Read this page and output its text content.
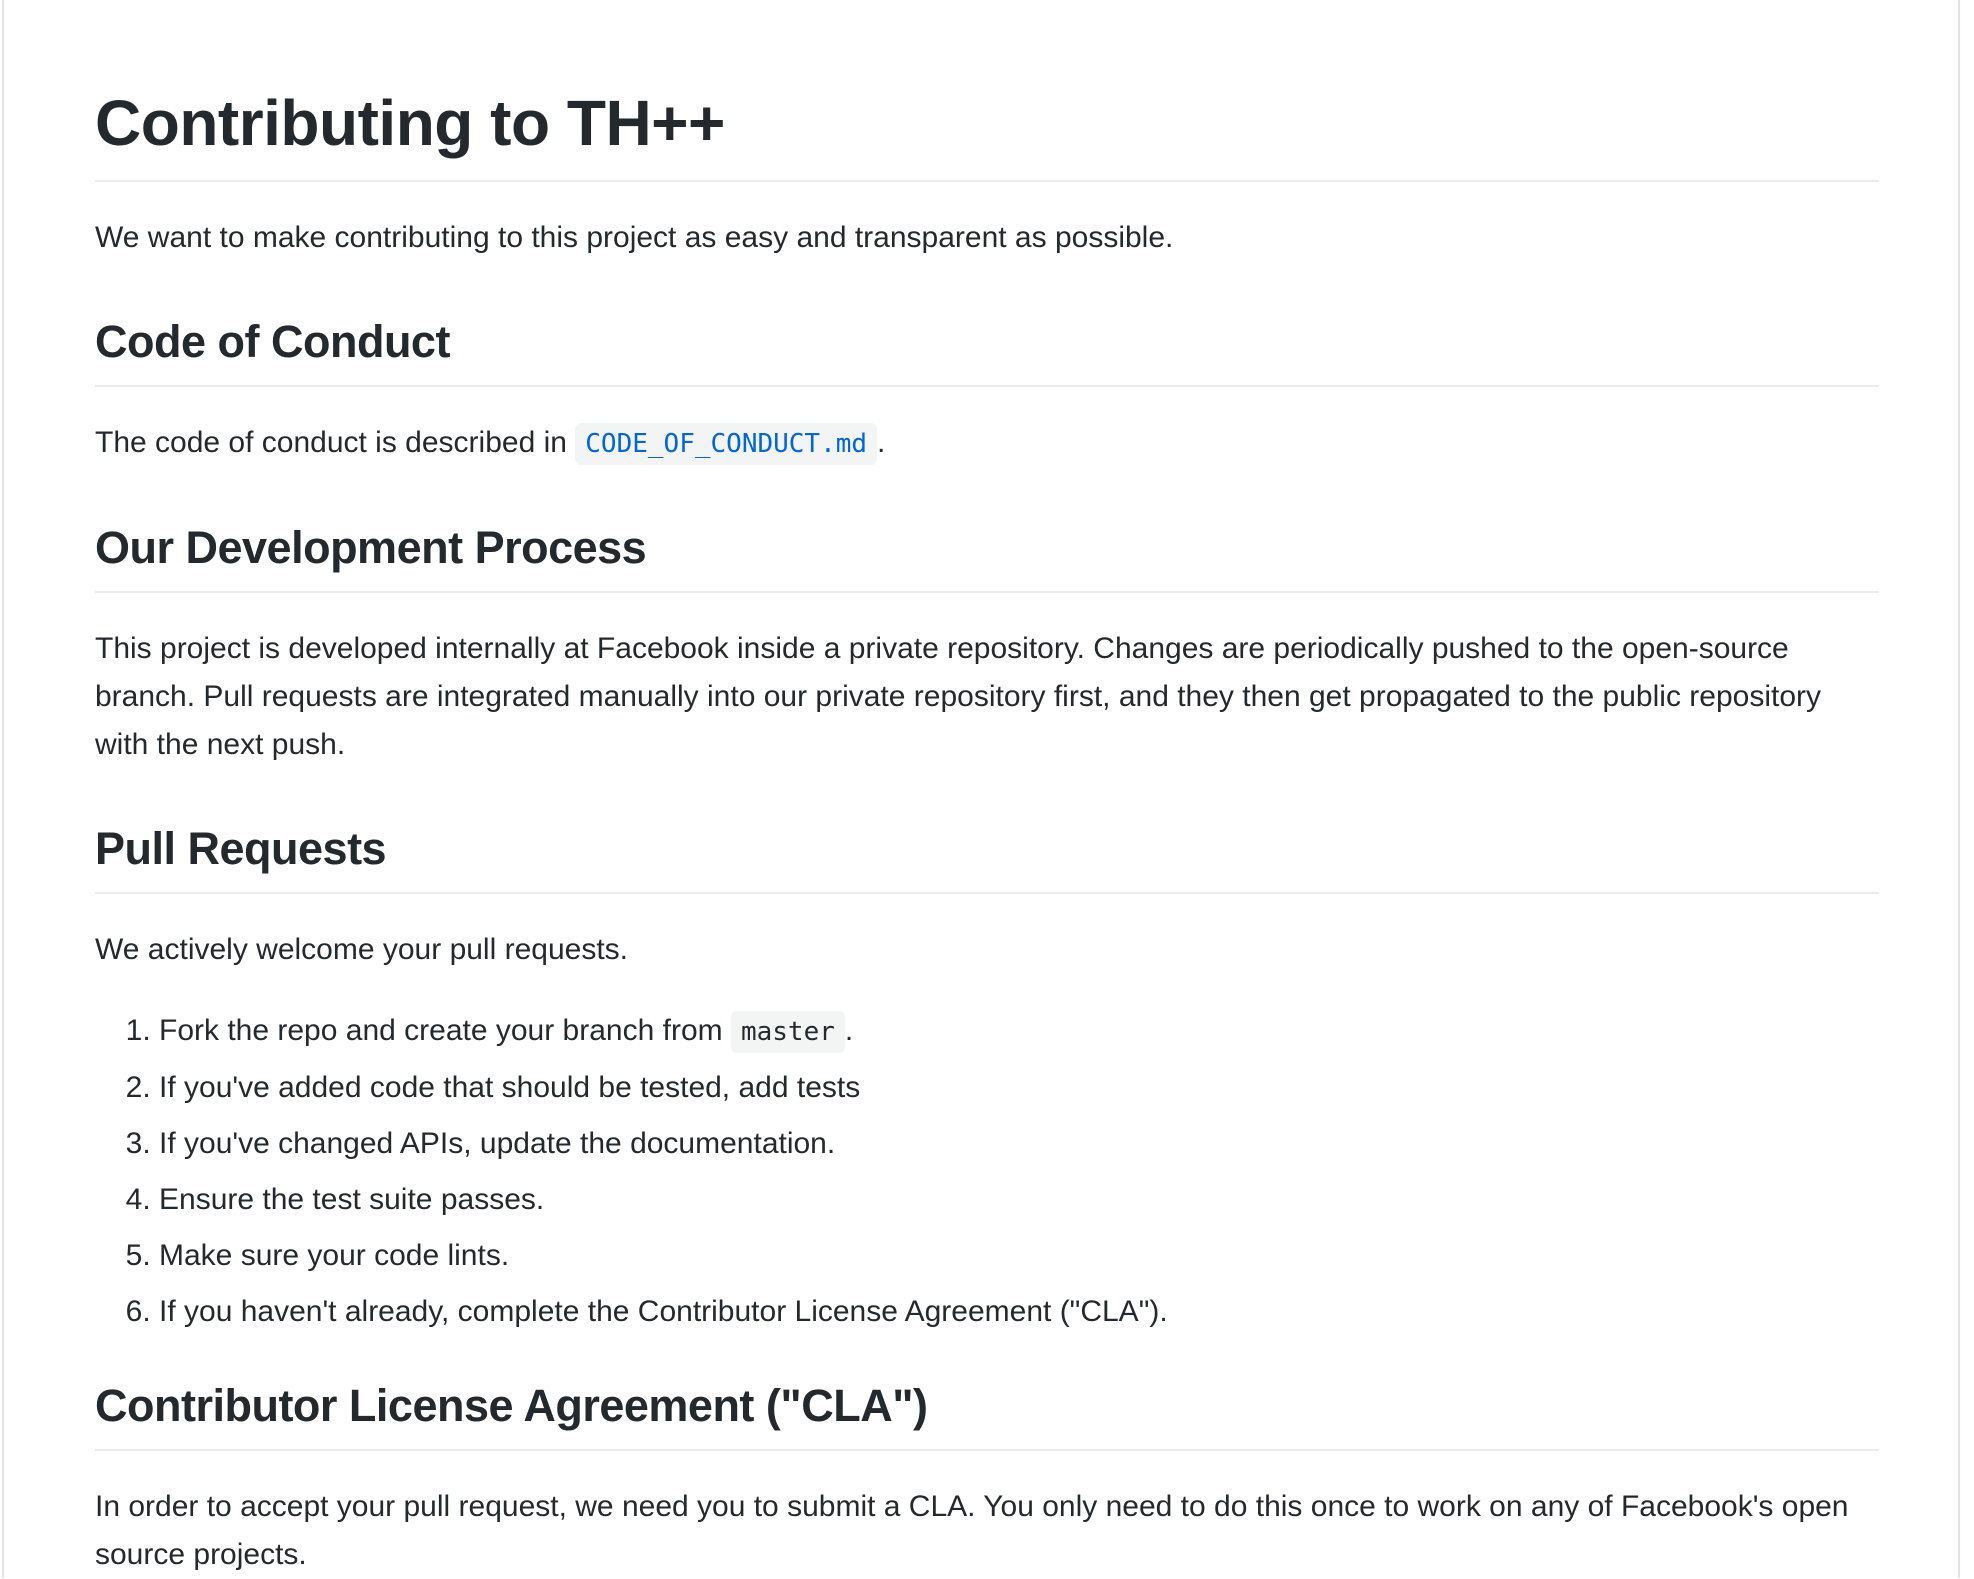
Contributing to TH++

We want to make contributing to this project as easy and transparent as possible.

Code of Conduct

The code of conduct is described in CODE_OF_CONDUCT.md .

Our Development Process

This project is developed internally at Facebook inside a private repository. Changes are periodically pushed to the open-source branch. Pull requests are integrated manually into our private repository first, and they then get propagated to the public repository with the next push.

Pull Requests

We actively welcome your pull requests.

1. Fork the repo and create your branch from master .
2. If you've added code that should be tested, add tests
3. If you've changed APIs, update the documentation.
4. Ensure the test suite passes.
5. Make sure your code lints.
6. If you haven't already, complete the Contributor License Agreement ("CLA").
Contributor License Agreement ("CLA")

In order to accept your pull request, we need you to submit a CLA. You only need to do this once to work on any of Facebook's open source projects.
